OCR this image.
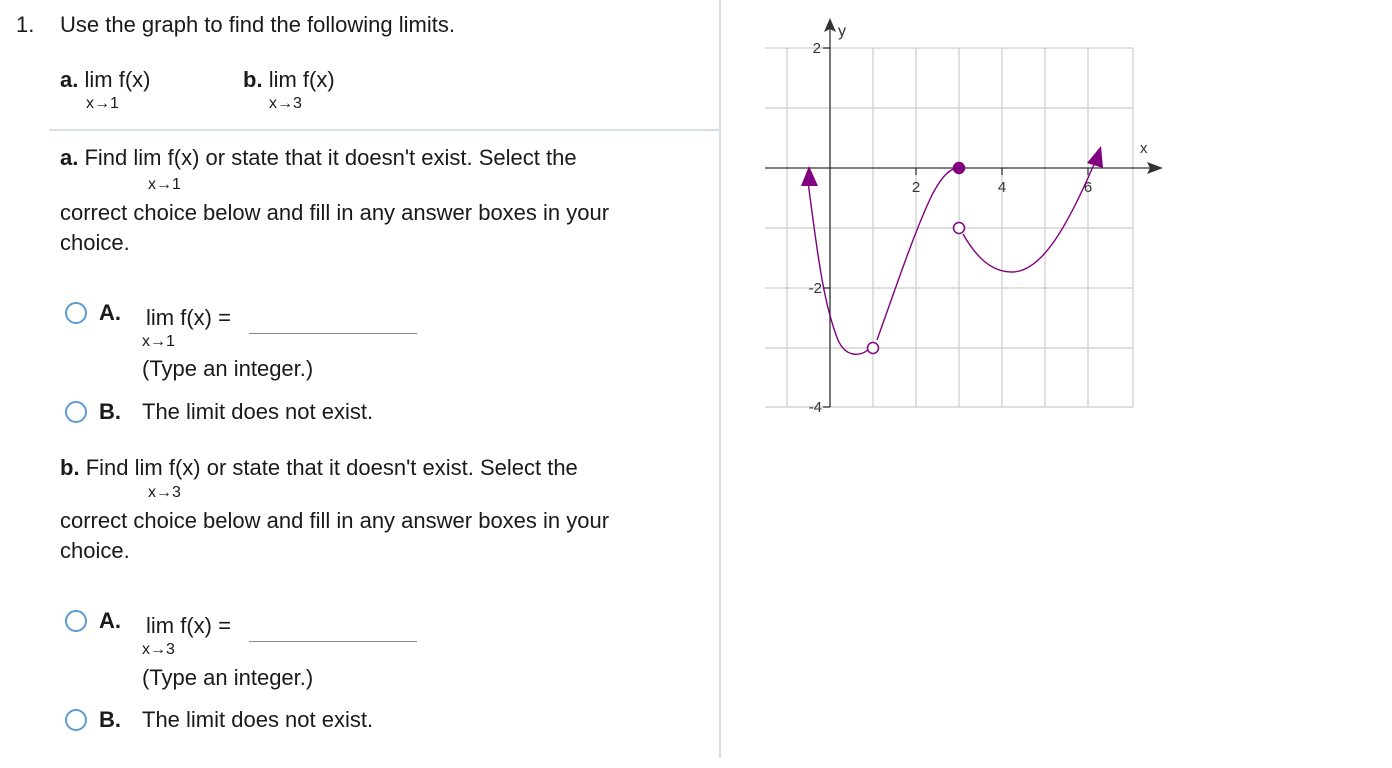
1. Use the graph to find the following limits.
a. lim f(x)
x→1
b. lim f(x)
x→3
a. Find lim f(x) or state that it doesn't exist. Select the
x→1
correct choice below and fill in any answer boxes in your choice.
A. lim f(x) =
x→1
(Type an integer.)
B. The limit does not exist.
b. Find lim f(x) or state that it doesn't exist. Select the
x→3
correct choice below and fill in any answer boxes in your choice.
A. lim f(x) =
x→3
(Type an integer.)
B. The limit does not exist.
y
x
2
-2
-4
2	4	6
